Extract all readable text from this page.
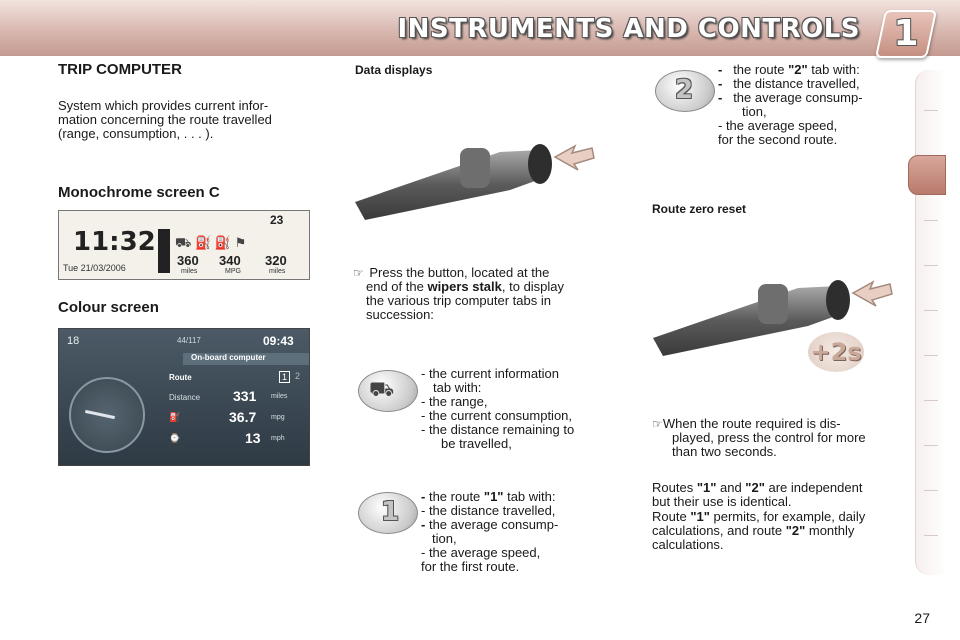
INSTRUMENTS AND CONTROLS 1
TRIP COMPUTER
System which provides current infor-
mation concerning the route travelled
(range, consumption, . . . ).
Monochrome screen C
11:32
Tue 21/03/2006
⛟ ⛽ ⛽ ⚑
23
360 340 320
miles	MPG	miles
Colour screen
18	44/117	09:43
On-board computer
Route	1 2
Distance 331 miles
⛽	36.7 mpg
⌚	13 mph
Data displays
☞ Press the button, located at the
end of the wipers stalk, to display
the various trip computer tabs in
succession:
⛟
- the current information
tab with:
- the range,
- the current consumption,
- the distance remaining to
be travelled,
1
- the route "1" tab with:
- the distance travelled,
- the average consump-
tion,
- the average speed,
for the first route.
2
- the route "2" tab with:
- the distance travelled,
- the average consump-
tion,
- the average speed,
for the second route.
Route zero reset
+2s
☞ When the route required is dis-
played, press the control for more
than two seconds.
Routes "1" and "2" are independent
but their use is identical.
Route "1" permits, for example, daily
calculations, and route "2" monthly
calculations.
27
